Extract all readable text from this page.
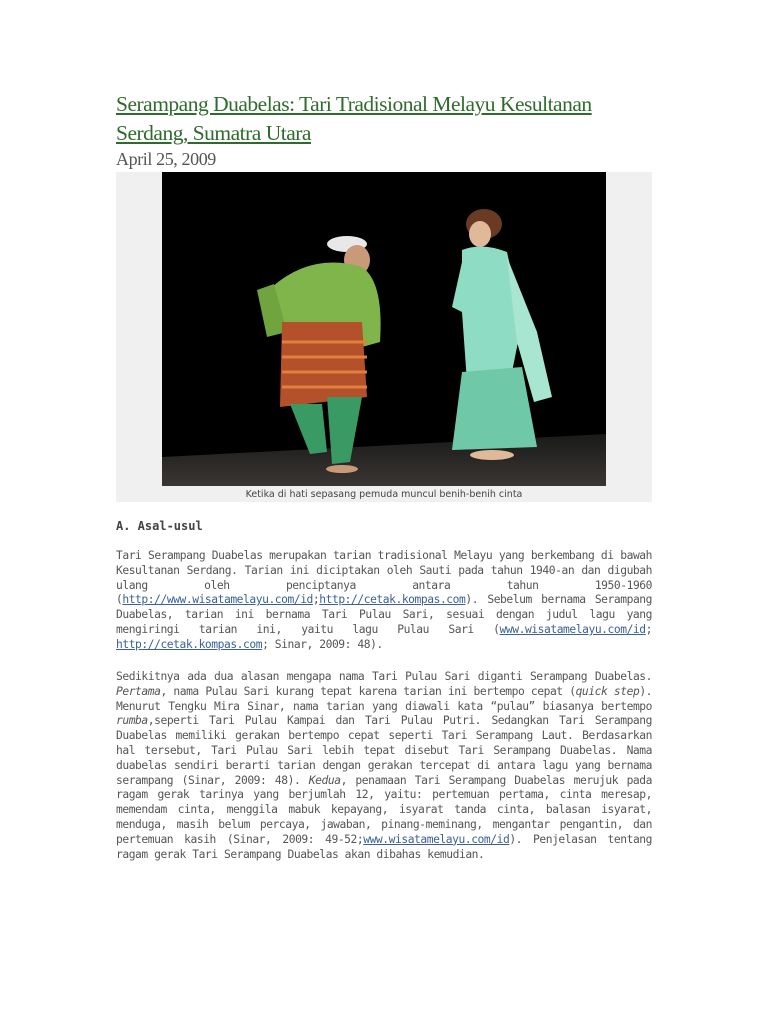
Serampang Duabelas: Tari Tradisional Melayu Kesultanan Serdang, Sumatra Utara
April 25, 2009
Ketika di hati sepasang pemuda muncul benih-benih cinta
A. Asal-usul
Tari Serampang Duabelas merupakan tarian tradisional Melayu yang berkembang di bawah Kesultanan Serdang. Tarian ini diciptakan oleh Sauti pada tahun 1940-an dan digubah ulang oleh penciptanya antara tahun 1950-1960 (http://www.wisatamelayu.com/id;http://cetak.kompas.com). Sebelum bernama Serampang Duabelas, tarian ini bernama Tari Pulau Sari, sesuai dengan judul lagu yang mengiringi tarian ini, yaitu lagu Pulau Sari (www.wisatamelayu.com/id; http://cetak.kompas.com; Sinar, 2009: 48).
Sedikitnya ada dua alasan mengapa nama Tari Pulau Sari diganti Serampang Duabelas. Pertama, nama Pulau Sari kurang tepat karena tarian ini bertempo cepat (quick step). Menurut Tengku Mira Sinar, nama tarian yang diawali kata “pulau” biasanya bertempo rumba,seperti Tari Pulau Kampai dan Tari Pulau Putri. Sedangkan Tari Serampang Duabelas memiliki gerakan bertempo cepat seperti Tari Serampang Laut. Berdasarkan hal tersebut, Tari Pulau Sari lebih tepat disebut Tari Serampang Duabelas. Nama duabelas sendiri berarti tarian dengan gerakan tercepat di antara lagu yang bernama serampang (Sinar, 2009: 48). Kedua, penamaan Tari Serampang Duabelas merujuk pada ragam gerak tarinya yang berjumlah 12, yaitu: pertemuan pertama, cinta meresap, memendam cinta, menggila mabuk kepayang, isyarat tanda cinta, balasan isyarat, menduga, masih belum percaya, jawaban, pinang-meminang, mengantar pengantin, dan pertemuan kasih (Sinar, 2009: 49-52;www.wisatamelayu.com/id). Penjelasan tentang ragam gerak Tari Serampang Duabelas akan dibahas kemudian.
